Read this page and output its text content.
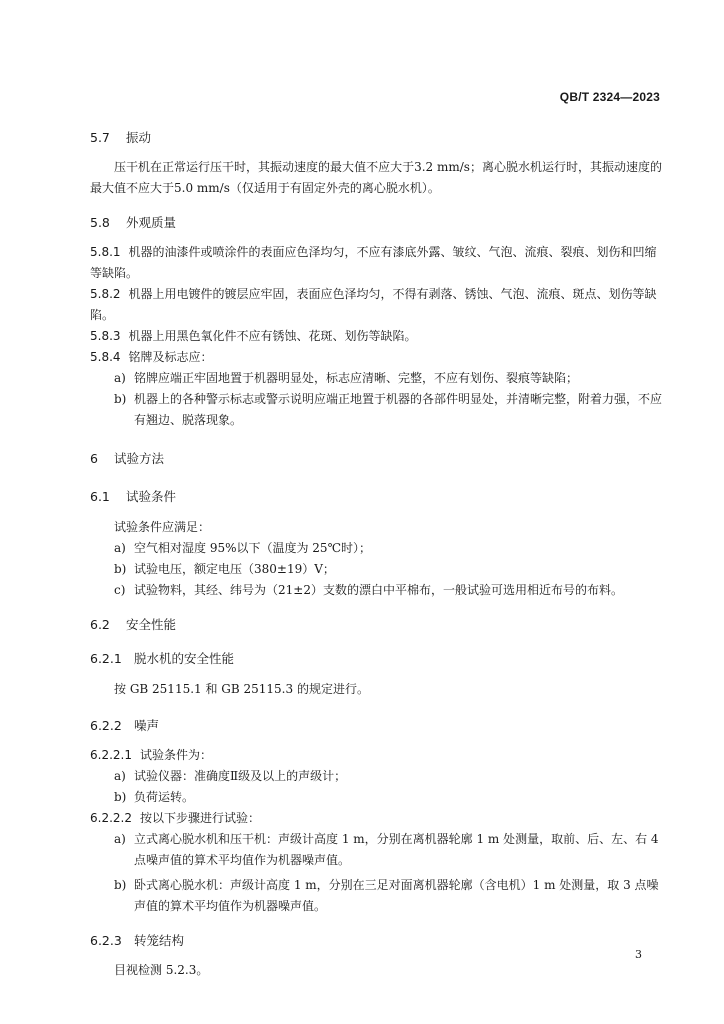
QB/T 2324—2023
5.7 振动
压干机在正常运行压干时，其振动速度的最大值不应大于3.2 mm/s；离心脱水机运行时，其振动速度的最大值不应大于5.0 mm/s（仅适用于有固定外壳的离心脱水机）。
5.8 外观质量
5.8.1 机器的油漆件或喷涂件的表面应色泽均匀，不应有漆底外露、皱纹、气泡、流痕、裂痕、划伤和凹缩等缺陷。
5.8.2 机器上用电镀件的镀层应牢固，表面应色泽均匀，不得有剥落、锈蚀、气泡、流痕、斑点、划伤等缺陷。
5.8.3 机器上用黑色氧化件不应有锈蚀、花斑、划伤等缺陷。
5.8.4 铭牌及标志应：
a) 铭牌应端正牢固地置于机器明显处，标志应清晰、完整，不应有划伤、裂痕等缺陷；
b) 机器上的各种警示标志或警示说明应端正地置于机器的各部件明显处，并清晰完整，附着力强，不应有翘边、脱落现象。
6 试验方法
6.1 试验条件
试验条件应满足：
a) 空气相对湿度 95%以下（温度为 25℃时）；
b) 试验电压，额定电压（380±19）V；
c) 试验物料，其经、纬号为（21±2）支数的漂白中平棉布，一般试验可选用相近布号的布料。
6.2 安全性能
6.2.1 脱水机的安全性能
按 GB 25115.1 和 GB 25115.3 的规定进行。
6.2.2 噪声
6.2.2.1 试验条件为：
a) 试验仪器：准确度Ⅱ级及以上的声级计；
b) 负荷运转。
6.2.2.2 按以下步骤进行试验：
a) 立式离心脱水机和压干机：声级计高度 1 m，分别在离机器轮廓 1 m 处测量，取前、后、左、右 4 点噪声值的算术平均值作为机器噪声值。
b) 卧式离心脱水机：声级计高度 1 m，分别在三足对面离机器轮廓（含电机）1 m 处测量，取 3 点噪声值的算术平均值作为机器噪声值。
6.2.3 转笼结构
目视检测 5.2.3。
3
